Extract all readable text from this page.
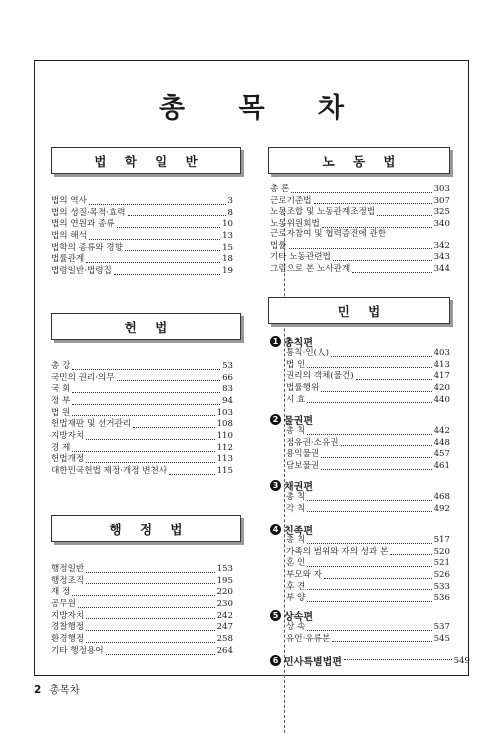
총 목 차
법 학 일 반
법의 역사	3
법의 성질·목적·효력	8
법의 연원과 종류	10
법의 해석	13
법학의 종류와 경향	15
법률관계	18
법령일반·법령집	19
헌 법
총 강	53
국민의 권리·의무	66
국 회	83
정 부	94
법 원	103
헌법재판 및 선거관리	108
지방자치	110
경 제	112
헌법개정	113
대한민국헌법 제정·개정 변천사	115
행 정 법
행정일반	153
행정조직	195
재 정	220
공무원	230
지방자치	242
경찰행정	247
환경행정	258
기타 행정용어	264
노 동 법
총 론	303
근로기준법	307
노동조합 및 노동관계조정법	325
노동위원회법	340
근로자참여 및 협력증진에 관한
법률	342
기타 노동관련법	343
그림으로 본 노사관계	344
민 법
1 총칙편
통칙·인(人)	403
법 인	413
권리의 객체(물건)	417
법률행위	420
시 효	440
2 물권편
총 칙	442
점유권·소유권	448
용익물권	457
담보물권	461
3 채권편
총 칙	468
각 칙	492
4 친족편
총 칙	517
가족의 범위와 자의 성과 본	520
혼 인	521
부모와 자	526
후 견	533
부 양	536
5 상속편
상 속	537
유언·유류분	545
6 민사특별법편	549
2 총목차
